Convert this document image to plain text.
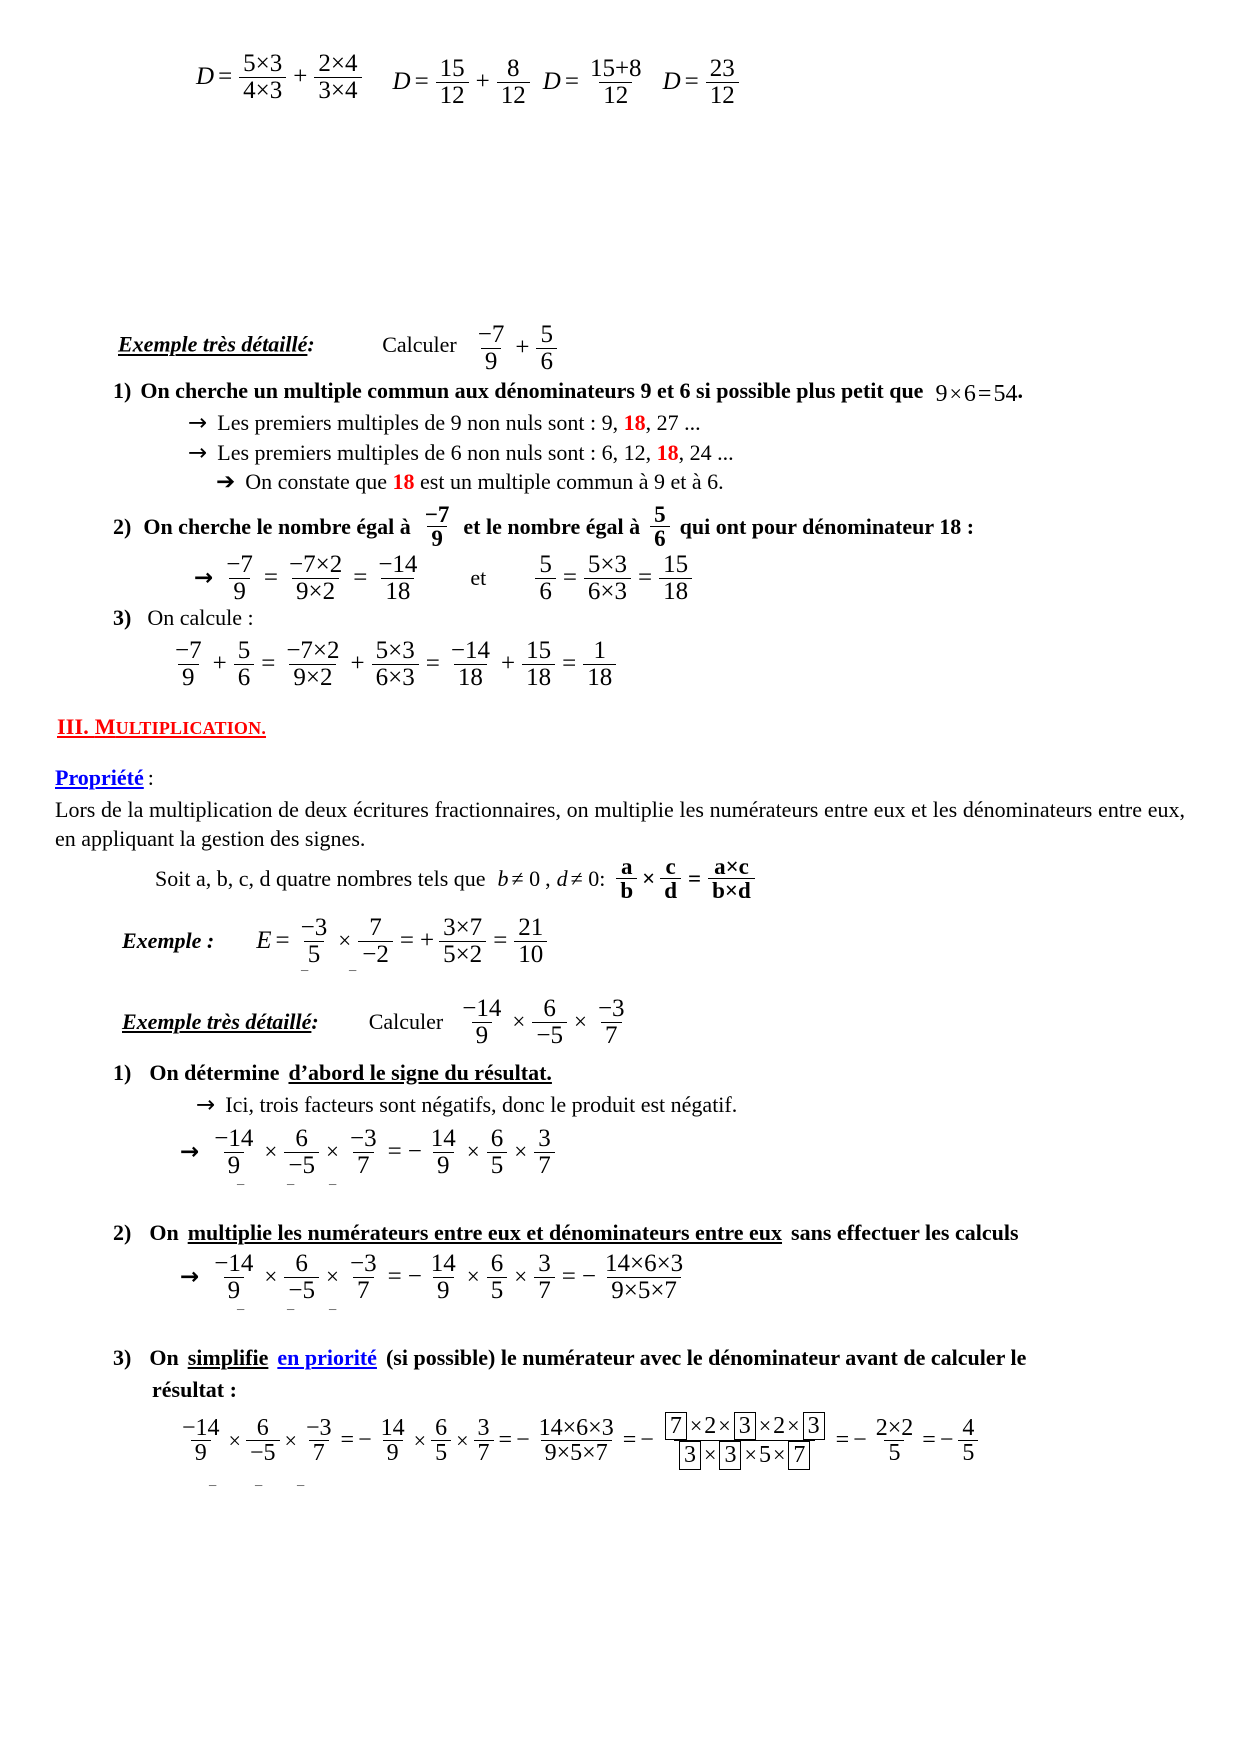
$D = \frac{5\times 3}{4\times 3} + \frac{2\times 4}{3\times 4}$
$D = \frac{15}{12} + \frac{8}{12}$
$D = \frac{15+8}{12}$
$D = \frac{23}{12}$
Exemple très détaillé:	Calculer $\frac{-7}{9} + \frac{5}{6}$
1) On cherche un multiple commun aux dénominateurs 9 et 6 si possible plus petit que 9 × 6 = 54 .
→ Les premiers multiples de 9 non nuls sont : 9, 18, 27 ...
→ Les premiers multiples de 6 non nuls sont : 6, 12, 18, 24 ...
➔ On constate que 18 est un multiple commun à 9 et à 6.
2) On cherche le nombre égal à $\frac{-7}{9}$ et le nombre égal à $\frac{5}{6}$ qui ont pour dénominateur 18 :
→ $\frac{-7}{9} = \frac{-7\times 2}{9\times 2} = \frac{-14}{18}$ et $\frac{5}{6} = \frac{5\times 3}{6\times 3} = \frac{15}{18}$
3) On calcule :
$\frac{-7}{9} + \frac{5}{6} = \frac{-7\times 2}{9\times 2} + \frac{5\times 3}{6\times 3} = \frac{-14}{18} + \frac{15}{18} = \frac{1}{18}$
III. MULTIPLICATION.
Propriété :
Lors de la multiplication de deux écritures fractionnaires, on multiplie les numérateurs entre eux et les dénominateurs entre eux, en appliquant la gestion des signes.
Soit a, b, c, d quatre nombres tels que b ≠ 0 , d ≠ 0 : $\frac{a}{b} \times \frac{c}{d} = \frac{a\times c}{b\times d}$
Exemple : $E = \frac{-3}{5} \times \frac{7}{-2}$ = + $\frac{3\times 7}{5\times 2} = \frac{21}{10}$
− −
Exemple très détaillé: Calculer $\frac{-14}{9} \times \frac{6}{-5} \times \frac{-3}{7}$
1) On détermine d’abord le signe du résultat.
→ Ici, trois facteurs sont négatifs, donc le produit est négatif.
→ $\frac{-14}{9} \times \frac{6}{-5} \times \frac{-3}{7}$ = − $\frac{14}{9} \times \frac{6}{5} \times \frac{3}{7}$
−	− −
2) On multiplie les numérateurs entre eux et dénominateurs entre eux sans effectuer les calculs
→ $\frac{-14}{9} \times \frac{6}{-5} \times \frac{-3}{7}$ = − $\frac{14}{9} \times \frac{6}{5} \times \frac{3}{7}$ = − $\frac{14\times 6\times 3}{9\times 5\times 7}$
−	− −
3) On simplifie en priorité (si possible) le numérateur avec le dénominateur avant de calculer le
résultat :
$\frac{-14}{9} \times \frac{6}{-5} \times \frac{-3}{7}$ = − $\frac{14}{9} \times \frac{6}{5} \times \frac{3}{7}$ = − $\frac{14\times 6\times 3}{9\times 5\times 7}$ = −
7 × 2 × 3 × 2 × 3
3 × 3 × 5 × 7
= − $\frac{2\times 2}{5}$ = − $\frac{4}{5}$
− − −
